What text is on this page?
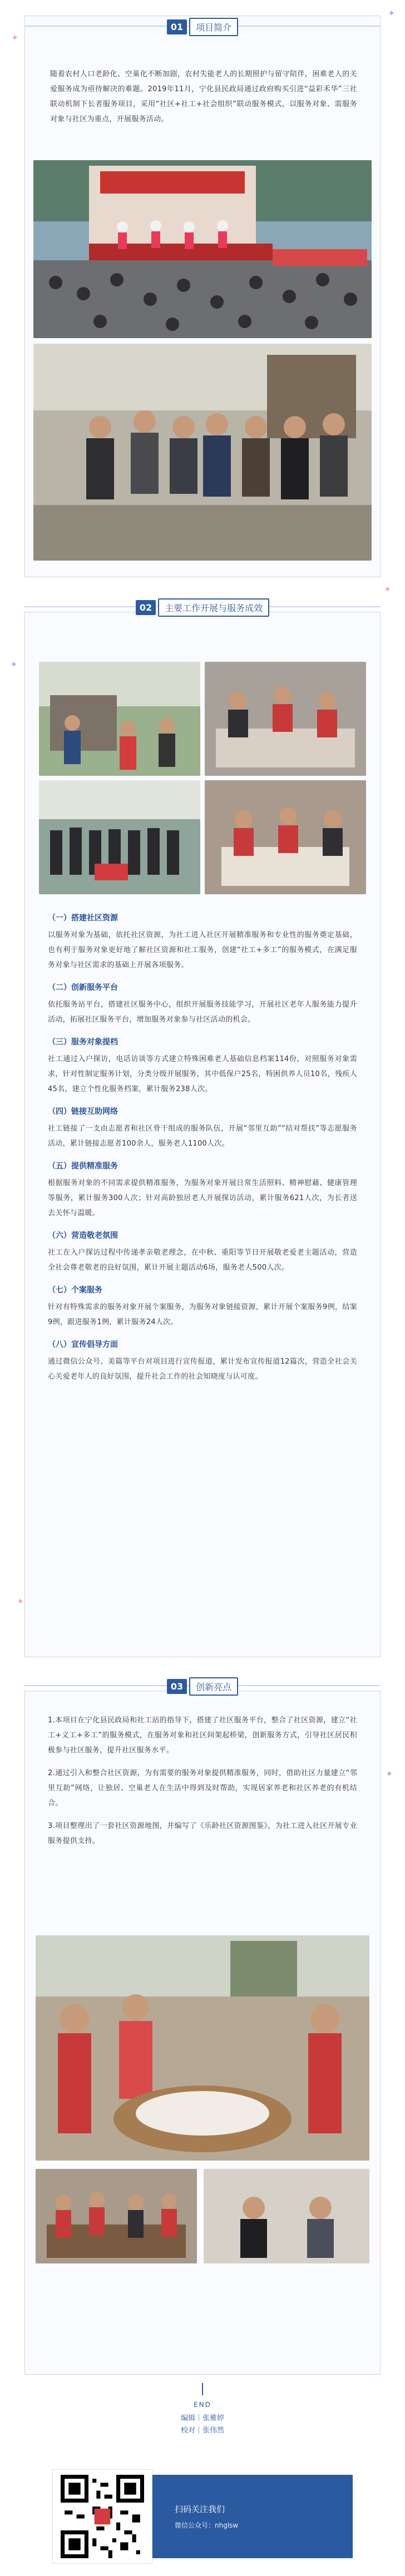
✦
✦
✦
✦
✦
✦
01	项目简介

随着农村人口老龄化、空巢化不断加剧，农村失能老人的长期照护与留守陪伴，困难老人的关爱服务成为亟待解决的难题。2019年11月，宁化县民政局通过政府购买引进“益彩禾华”三社联动机制下长者服务项目，采用“社区+社工+社会组织”联动服务模式，以服务对象、需服务对象与社区为重点，开展服务活动。

02	主要工作开展与服务成效
（一）搭建社区资源

以服务对象为基础，依托社区资源，为社工进入社区开展精准服务和专业性的服务奠定基础，也有利于服务对象更好地了解社区资源和社工服务，创建“社工+多工”的服务模式，在满足服务对象与社区需求的基础上开展各项服务。

（二）创新服务平台

依托服务站平台，搭建社区服务中心，组织开展服务技能学习，开展社区老年人服务能力提升活动，拓展社区服务平台，增加服务对象参与社区活动的机会。

（三）服务对象提档

社工通过入户探访，电话访谈等方式建立特殊困难老人基础信息档案114份，对照服务对象需求，针对性制定服务计划，分类分级开展服务，其中低保户25名，特困供养人员10名，残疾人45名，建立个性化服务档案，累计服务238人次。

（四）链接互助网络

社工链接了一支由志愿者和社区骨干组成的服务队伍，开展“邻里互助”“结对帮扶”等志愿服务活动，累计链接志愿者100余人，服务老人1100人次。

（五）提供精准服务

根据服务对象的不同需求提供精准服务，为服务对象开展日常生活照料、精神慰藉、健康管理等服务，累计服务300人次；针对高龄独居老人开展探访活动，累计服务621人次，为长者送去关怀与温暖。

（六）营造敬老氛围

社工在入户探访过程中传递孝亲敬老理念，在中秋、重阳等节日开展敬老爱老主题活动，营造全社会尊老敬老的良好氛围，累计开展主题活动6场，服务老人500人次。

（七）个案服务

针对有特殊需求的服务对象开展个案服务，为服务对象链接资源，累计开展个案服务9例，结案9例，跟进服务1例，累计服务24人次。

（八）宣传倡导方面

通过微信公众号、美篇等平台对项目进行宣传报道，累计发布宣传报道12篇次，营造全社会关心关爱老年人的良好氛围，提升社会工作的社会知晓度与认可度。

03	创新亮点

1.本项目在宁化县民政局和社工站的指导下，搭建了社区服务平台，整合了社区资源，建立“社工+义工+多工”的服务模式，在服务对象和社区间架起桥梁，创新服务方式，引导社区居民积极参与社区服务，提升社区服务水平。

2.通过引入和整合社区资源，为有需要的服务对象提供精准服务，同时，借助社区力量建立“邻里互助”网络，让独居、空巢老人在生活中得到及时帮助，实现居家养老和社区养老的有机结合。

3.项目整理出了一套社区资源地图，并编写了《乐龄社区资源图鉴》，为社工进入社区开展专业服务提供支持。

END
编辑｜张雅婷
校对｜张伟然
扫码关注我们
微信公众号：nhglsw
